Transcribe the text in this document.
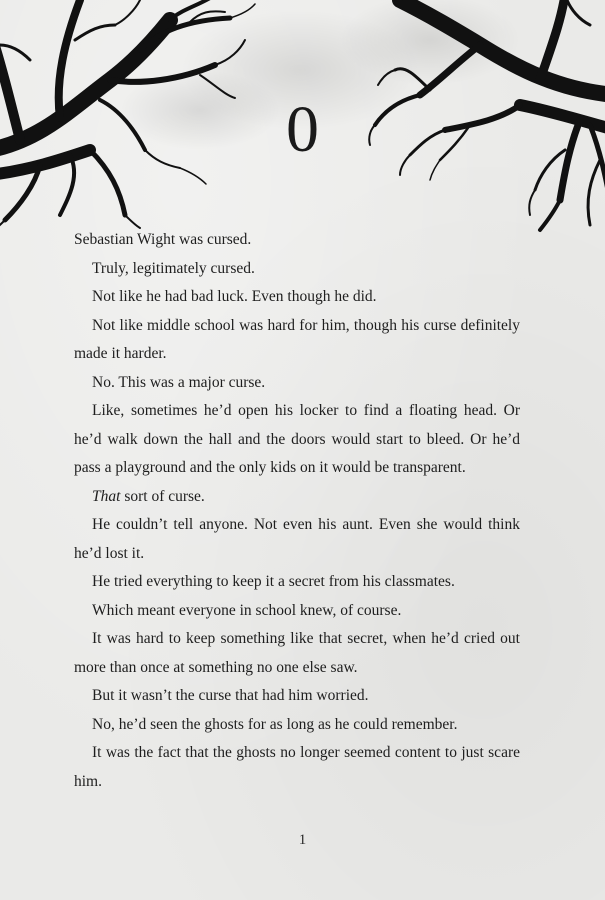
0

Sebastian Wight was cursed.

Truly, legitimately cursed.

Not like he had bad luck. Even though he did.

Not like middle school was hard for him, though his curse definitely made it harder.

No. This was a major curse.

Like, sometimes he’d open his locker to find a floating head. Or he’d walk down the hall and the doors would start to bleed. Or he’d pass a playground and the only kids on it would be transparent.

That sort of curse.

He couldn’t tell anyone. Not even his aunt. Even she would think he’d lost it.

He tried everything to keep it a secret from his classmates.

Which meant everyone in school knew, of course.

It was hard to keep something like that secret, when he’d cried out more than once at something no one else saw.

But it wasn’t the curse that had him worried.

No, he’d seen the ghosts for as long as he could remember.

It was the fact that the ghosts no longer seemed content to just scare him.

1
